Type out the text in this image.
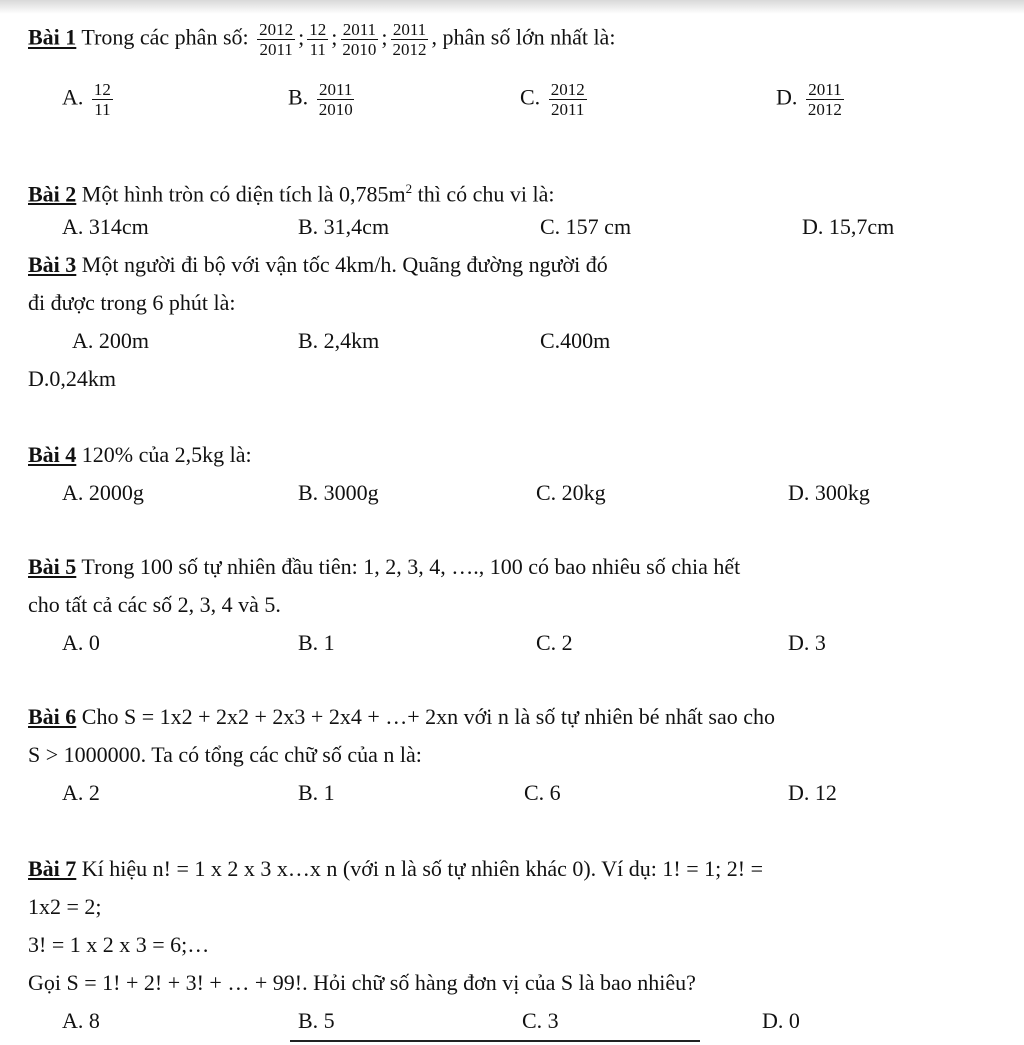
Bài 1 Trong các phân số: $\frac{2012}{2011}$ ; $\frac{12}{11}$ ; $\frac{2011}{2010}$ ; $\frac{2011}{2012}$ , phân số lớn nhất là:
A. $\frac{12}{11}$	B. $\frac{2011}{2010}$	C. $\frac{2012}{2011}$	D. $\frac{2011}{2012}$
Bài 2 Một hình tròn có diện tích là $0,785m^2$ thì có chu vi là:
A. 314cm	B. 31,4cm	C. 157 cm	D. 15,7cm
Bài 3 Một người đi bộ với vận tốc 4km/h. Quãng đường người đó
đi được trong 6 phút là:
A. 200m	B. 2,4km	C.400m
D.0,24km
Bài 4 120% của 2,5kg là:
A. 2000g	B. 3000g	C. 20kg	D. 300kg
Bài 5 Trong 100 số tự nhiên đầu tiên: 1, 2, 3, 4, …., 100 có bao nhiêu số chia hết
cho tất cả các số 2, 3, 4 và 5.
A. 0	B. 1	C. 2	D. 3
Bài 6 Cho S = 1x2 + 2x2 + 2x3 + 2x4 + …+ 2xn với n là số tự nhiên bé nhất sao cho
S > 1000000. Ta có tổng các chữ số của n là:
A. 2	B. 1	C. 6	D. 12
Bài 7 Kí hiệu n! = 1 x 2 x 3 x…x n (với n là số tự nhiên khác 0). Ví dụ: 1! = 1; 2! =
1x2 = 2;
3! = 1 x 2 x 3 = 6;…
Gọi S = 1! + 2! + 3! + … + 99!. Hỏi chữ số hàng đơn vị của S là bao nhiêu?
A. 8	B. 5	C. 3	D. 0
